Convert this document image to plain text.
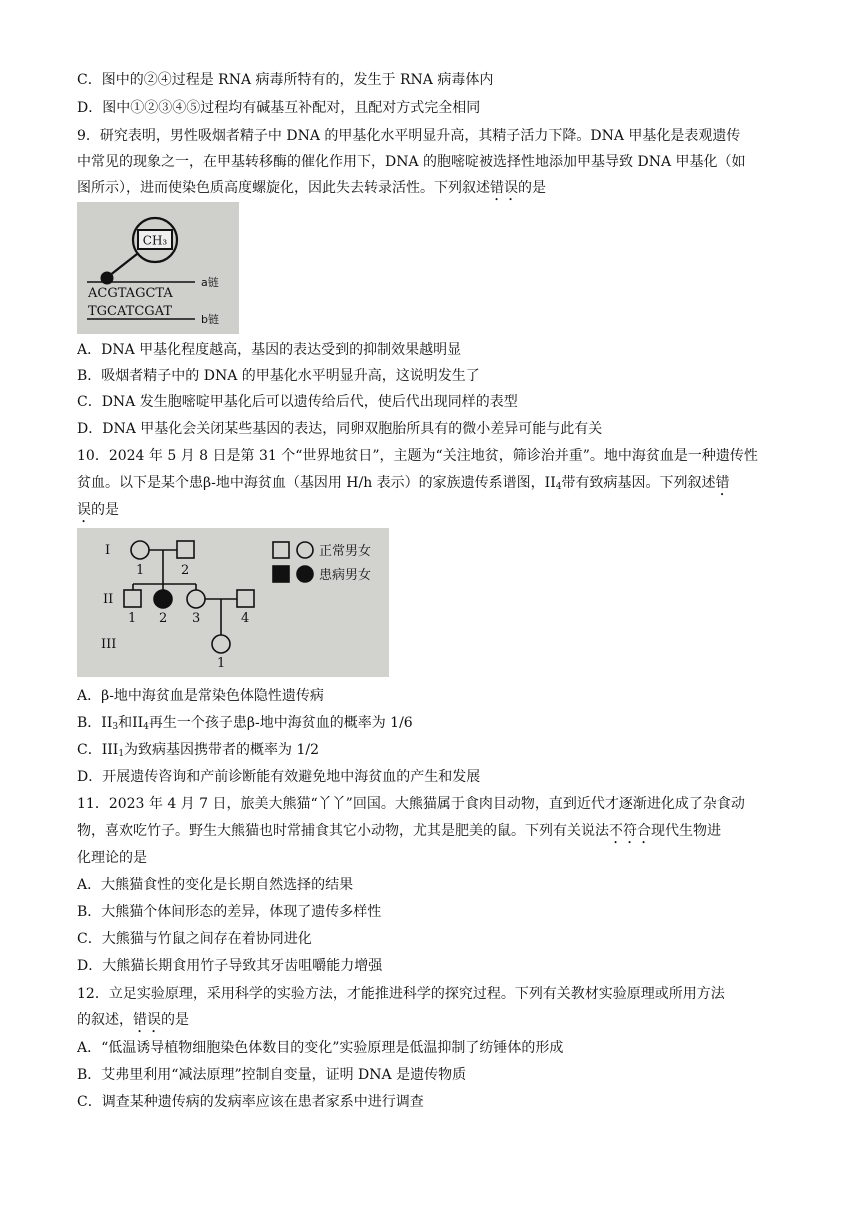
C．图中的②④过程是 RNA 病毒所特有的，发生于 RNA 病毒体内
D．图中①②③④⑤过程均有碱基互补配对，且配对方式完全相同
9．研究表明，男性吸烟者精子中 DNA 的甲基化水平明显升高，其精子活力下降。DNA 甲基化是表观遗传
中常见的现象之一，在甲基转移酶的催化作用下，DNA 的胞嘧啶被选择性地添加甲基导致 DNA 甲基化（如
图所示），进而使染色质高度螺旋化，因此失去转录活性。下列叙述错误的是
CH₃
ACGTAGCTA
a链
TGCATCGAT
b链
A．DNA 甲基化程度越高，基因的表达受到的抑制效果越明显
B．吸烟者精子中的 DNA 的甲基化水平明显升高，这说明发生了
C．DNA 发生胞嘧啶甲基化后可以遗传给后代，使后代出现同样的表型
D．DNA 甲基化会关闭某些基因的表达，同卵双胞胎所具有的微小差异可能与此有关
10．2024 年 5 月 8 日是第 31 个“世界地贫日”，主题为“关注地贫，筛诊治并重”。地中海贫血是一种遗传性
贫血。以下是某个患β-地中海贫血（基因用 H/h 表示）的家族遗传系谱图，$II_4$带有致病基因。下列叙述错
误的是
I
II
III
1	2
1 2 3	4
1
正常男女
患病男女
A．β-地中海贫血是常染色体隐性遗传病
B．$II_3$和$II_4$再生一个孩子患β-地中海贫血的概率为 1/6
C．$III_1$为致病基因携带者的概率为 1/2
D．开展遗传咨询和产前诊断能有效避免地中海贫血的产生和发展
11．2023 年 4 月 7 日，旅美大熊猫“丫丫”回国。大熊猫属于食肉目动物，直到近代才逐渐进化成了杂食动
物，喜欢吃竹子。野生大熊猫也时常捕食其它小动物，尤其是肥美的鼠。下列有关说法不符合现代生物进
化理论的是
A．大熊猫食性的变化是长期自然选择的结果
B．大熊猫个体间形态的差异，体现了遗传多样性
C．大熊猫与竹鼠之间存在着协同进化
D．大熊猫长期食用竹子导致其牙齿咀嚼能力增强
12．立足实验原理，采用科学的实验方法，才能推进科学的探究过程。下列有关教材实验原理或所用方法
的叙述，错误的是
A．“低温诱导植物细胞染色体数目的变化”实验原理是低温抑制了纺锤体的形成
B．艾弗里利用“减法原理”控制自变量，证明 DNA 是遗传物质
C．调查某种遗传病的发病率应该在患者家系中进行调查
